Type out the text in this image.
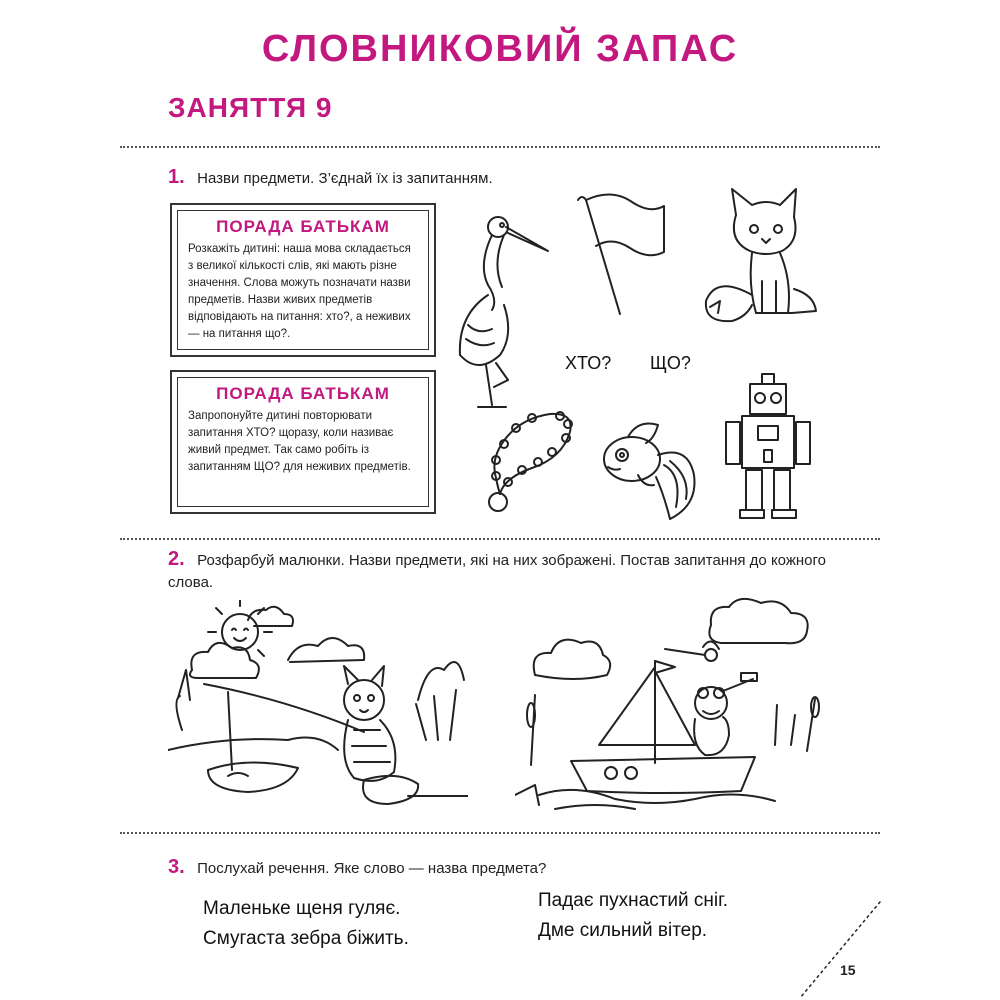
СЛОВНИКОВИЙ ЗАПАС
ЗАНЯТТЯ 9
1. Назви предмети. З’єднай їх із запитанням.
ПОРАДА БАТЬКАМ
Розкажіть дитині: наша мова складається з великої кількості слів, які мають різне значення. Слова можуть позначати назви предметів. Назви живих предметів відповідають на питання: хто?, а неживих — на питання що?.
ПОРАДА БАТЬКАМ
Запропонуйте дитині повторювати запитання ХТО? щоразу, коли називає живий предмет. Так само робіть із запитанням ЩО? для неживих предметів.
ХТО? ЩО?
2. Розфарбуй малюнки. Назви предмети, які на них зображені. Постав запитання до кожного слова.
3. Послухай речення. Яке слово — назва предмета?
Маленьке щеня гуляє.
Смугаста зебра біжить.
Падає пухнастий сніг.
Дме сильний вітер.
15
